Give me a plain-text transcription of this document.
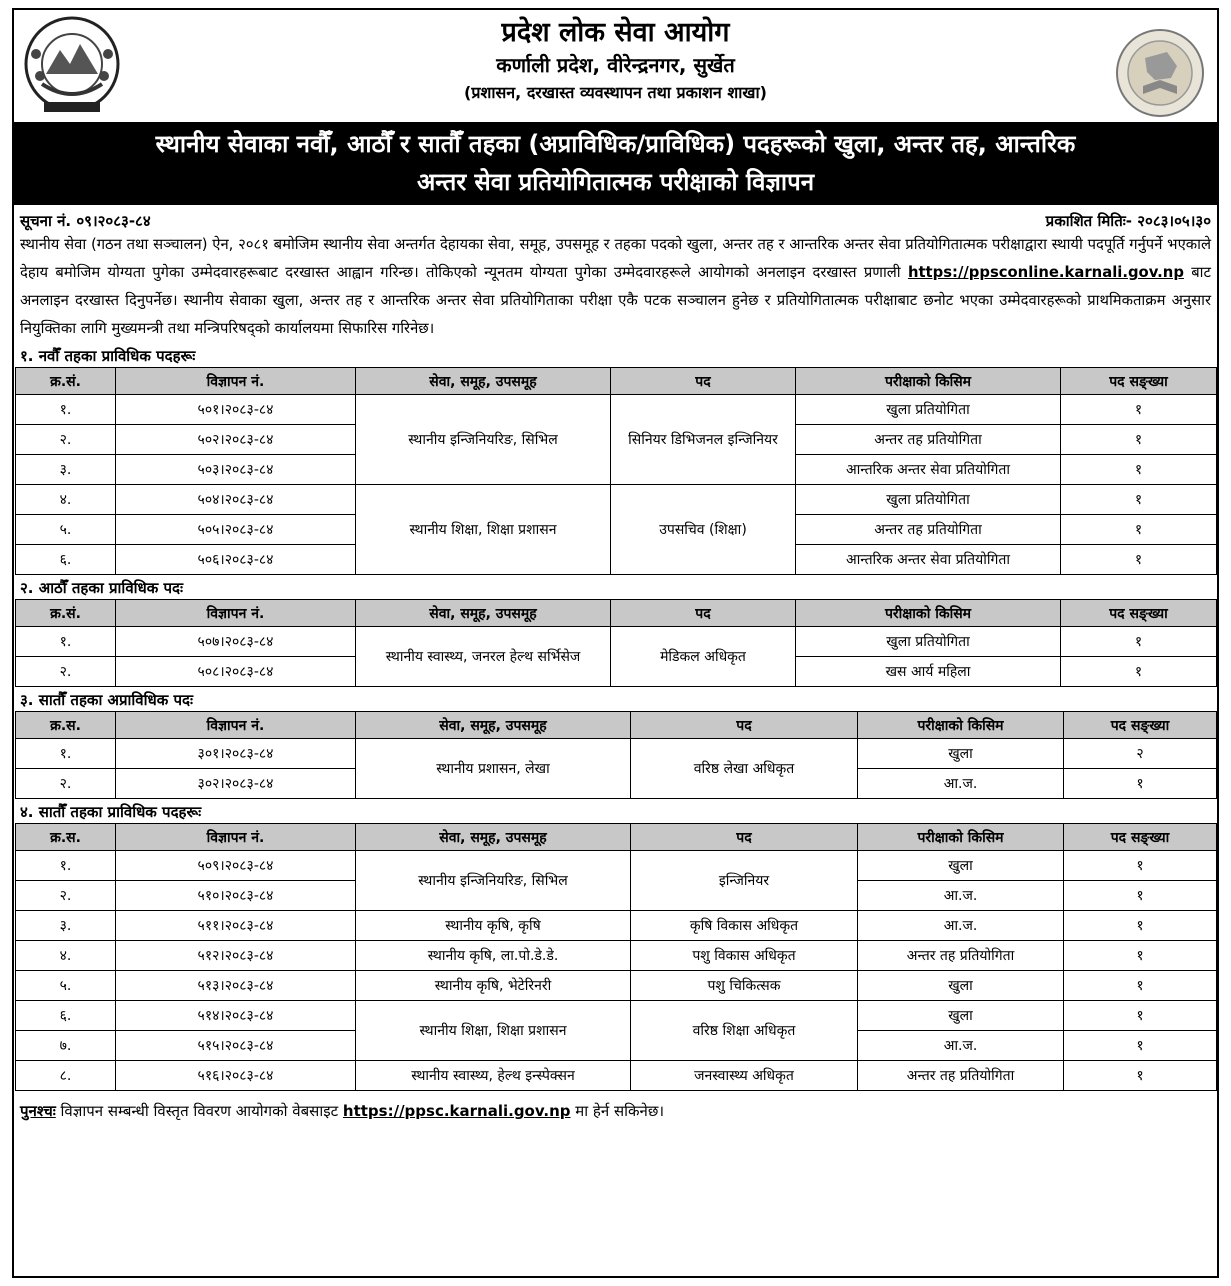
प्रदेश लोक सेवा आयोग
कर्णाली प्रदेश, वीरेन्द्रनगर, सुर्खेत
(प्रशासन, दरखास्त व्यवस्थापन तथा प्रकाशन शाखा)
स्थानीय सेवाका नवौँ, आठौँ र सातौँ तहका (अप्राविधिक/प्राविधिक) पदहरूको खुला, अन्तर तह, आन्तरिक
अन्तर सेवा प्रतियोगितात्मक परीक्षाको विज्ञापन
सूचना नं. ०९।२०८३-८४	प्रकाशित मितिः- २०८३।०५।३०
स्थानीय सेवा (गठन तथा सञ्चालन) ऐन, २०८१ बमोजिम स्थानीय सेवा अन्तर्गत देहायका सेवा, समूह, उपसमूह र तहका पदको खुला, अन्तर तह र आन्तरिक अन्तर सेवा प्रतियोगितात्मक परीक्षाद्वारा स्थायी पदपूर्ति गर्नुपर्ने भएकाले देहाय बमोजिम योग्यता पुगेका उम्मेदवारहरूबाट दरखास्त आह्वान गरिन्छ। तोकिएको न्यूनतम योग्यता पुगेका उम्मेदवारहरूले आयोगको अनलाइन दरखास्त प्रणाली https://ppsconline.karnali.gov.np बाट अनलाइन दरखास्त दिनुपर्नेछ। स्थानीय सेवाका खुला, अन्तर तह र आन्तरिक अन्तर सेवा प्रतियोगिताका परीक्षा एकै पटक सञ्चालन हुनेछ र प्रतियोगितात्मक परीक्षाबाट छनोट भएका उम्मेदवारहरूको प्राथमिकताक्रम अनुसार नियुक्तिका लागि मुख्यमन्त्री तथा मन्त्रिपरिषद्को कार्यालयमा सिफारिस गरिनेछ।
१. नवौँ तहका प्राविधिक पदहरूः
क्र.सं.	विज्ञापन नं.	सेवा, समूह, उपसमूह	पद	परीक्षाको किसिम	पद सङ्ख्या
१.	५०१।२०८३-८४	स्थानीय इन्जिनियरिङ, सिभिल	सिनियर डिभिजनल इन्जिनियर	खुला प्रतियोगिता	१
२.	५०२।२०८३-८४			अन्तर तह प्रतियोगिता	१
३.	५०३।२०८३-८४			आन्तरिक अन्तर सेवा प्रतियोगिता	१
४.	५०४।२०८३-८४	स्थानीय शिक्षा, शिक्षा प्रशासन	उपसचिव (शिक्षा)	खुला प्रतियोगिता	१
५.	५०५।२०८३-८४			अन्तर तह प्रतियोगिता	१
६.	५०६।२०८३-८४			आन्तरिक अन्तर सेवा प्रतियोगिता	१
२. आठौँ तहका प्राविधिक पदः
क्र.सं.	विज्ञापन नं.	सेवा, समूह, उपसमूह	पद	परीक्षाको किसिम	पद सङ्ख्या
१.	५०७।२०८३-८४	स्थानीय स्वास्थ्य, जनरल हेल्थ सर्भिसेज	मेडिकल अधिकृत	खुला प्रतियोगिता	१
२.	५०८।२०८३-८४			खस आर्य महिला	१
३. सातौँ तहका अप्राविधिक पदः
क्र.स.	विज्ञापन नं.	सेवा, समूह, उपसमूह	पद	परीक्षाको किसिम	पद सङ्ख्या
१.	३०१।२०८३-८४	स्थानीय प्रशासन, लेखा	वरिष्ठ लेखा अधिकृत	खुला	२
२.	३०२।२०८३-८४			आ.ज.	१
४. सातौँ तहका प्राविधिक पदहरूः
क्र.स.	विज्ञापन नं.	सेवा, समूह, उपसमूह	पद	परीक्षाको किसिम	पद सङ्ख्या
१.	५०९।२०८३-८४	स्थानीय इन्जिनियरिङ, सिभिल	इन्जिनियर	खुला	१
२.	५१०।२०८३-८४			आ.ज.	१
३.	५११।२०८३-८४	स्थानीय कृषि, कृषि	कृषि विकास अधिकृत	आ.ज.	१
४.	५१२।२०८३-८४	स्थानीय कृषि, ला.पो.डे.डे.	पशु विकास अधिकृत	अन्तर तह प्रतियोगिता	१
५.	५१३।२०८३-८४	स्थानीय कृषि, भेटेरिनरी	पशु चिकित्सक	खुला	१
६.	५१४।२०८३-८४	स्थानीय शिक्षा, शिक्षा प्रशासन	वरिष्ठ शिक्षा अधिकृत	खुला	१
७.	५१५।२०८३-८४			आ.ज.	१
८.	५१६।२०८३-८४	स्थानीय स्वास्थ्य, हेल्थ इन्स्पेक्सन	जनस्वास्थ्य अधिकृत	अन्तर तह प्रतियोगिता	१
पुनश्चः विज्ञापन सम्बन्धी विस्तृत विवरण आयोगको वेबसाइट https://ppsc.karnali.gov.np मा हेर्न सकिनेछ।
